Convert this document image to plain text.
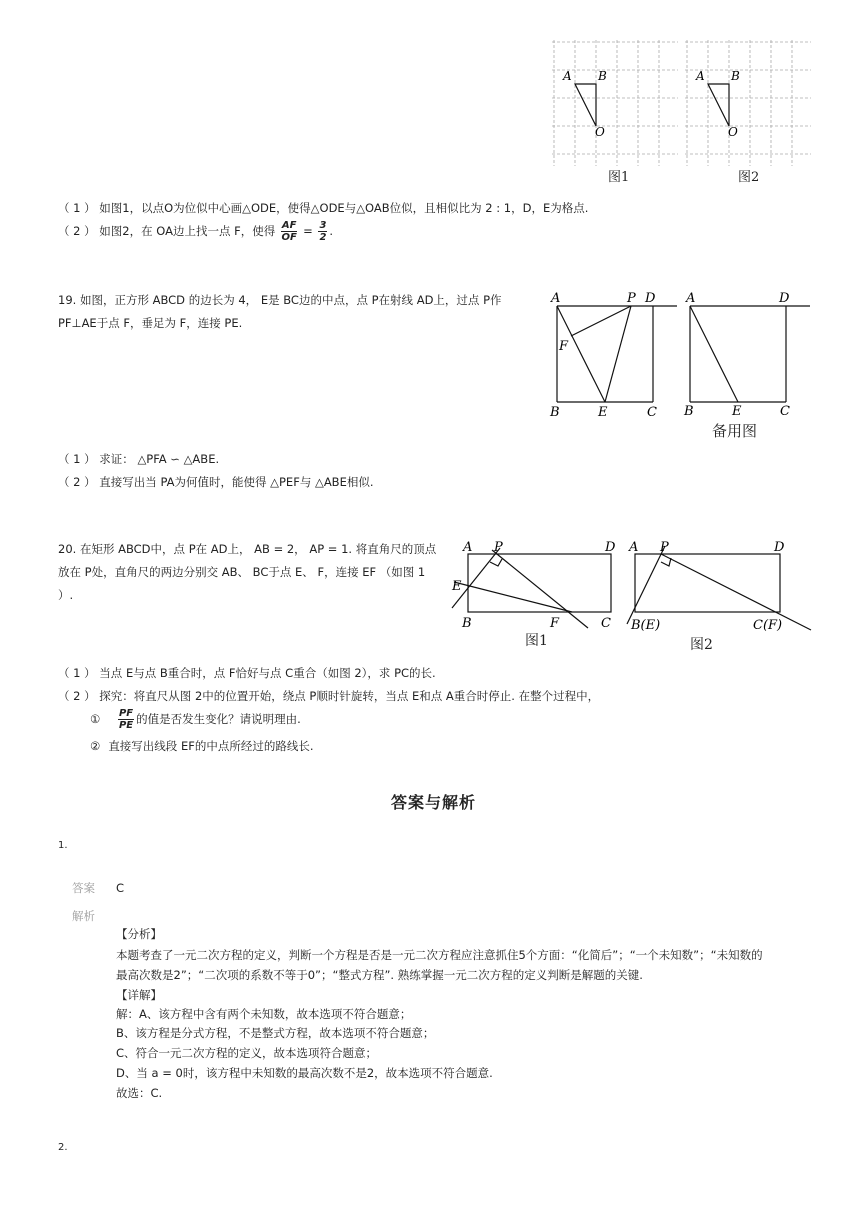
A B
O
图1
A B
O
图2
（ 1 ） 如图1，以点O为位似中心画△ODE，使得△ODE与△OAB位似，且相似比为 2 : 1，D，E为格点.
（ 2 ） 如图2，在 OA边上找一点 F，使得 $\frac{AF}{OF} = \frac{3}{2}$ .
19. 如图，正方形 ABCD 的边长为 4， E是 BC边的中点，点 P在射线 AD上，过点 P作
PF⊥AE于点 F，垂足为 F，连接 PE.
A	P D
F
B	E	C
A	D
B	E	C
备用图
（ 1 ） 求证： △PFA ∽ △ABE.
（ 2 ） 直接写出当 PA为何值时，能使得 △PEF与 △ABE相似.
20. 在矩形 ABCD中，点 P在 AD上， AB = 2， AP = 1. 将直角尺的顶点
放在 P处，直角尺的两边分别交 AB、 BC于点 E、 F，连接 EF （如图 1
）.
A P	D
E
B	F	C
图1
A P	D
B(E)	C(F)
图2
（ 1 ） 当点 E与点 B重合时，点 F恰好与点 C重合（如图 2），求 PC的长.
（ 2 ） 探究：将直尺从图 2中的位置开始，绕点 P顺时针旋转，当点 E和点 A重合时停止. 在整个过程中，
① $\frac{PF}{PE}$ 的值是否发生变化？请说明理由.
② 直接写出线段 EF的中点所经过的路线长.
答案与解析
1.
答案 C
解析
【分析】
本题考查了一元二次方程的定义，判断一个方程是否是一元二次方程应注意抓住5个方面：“化简后”；“一个未知数”；“未知数的
最高次数是2”；“二次项的系数不等于0”；“整式方程”. 熟练掌握一元二次方程的定义判断是解题的关键.
【详解】
解：A、该方程中含有两个未知数，故本选项不符合题意；
B、该方程是分式方程，不是整式方程，故本选项不符合题意；
C、符合一元二次方程的定义，故本选项符合题意；
D、当 a = 0时，该方程中未知数的最高次数不是2，故本选项不符合题意.
故选：C.
2.
